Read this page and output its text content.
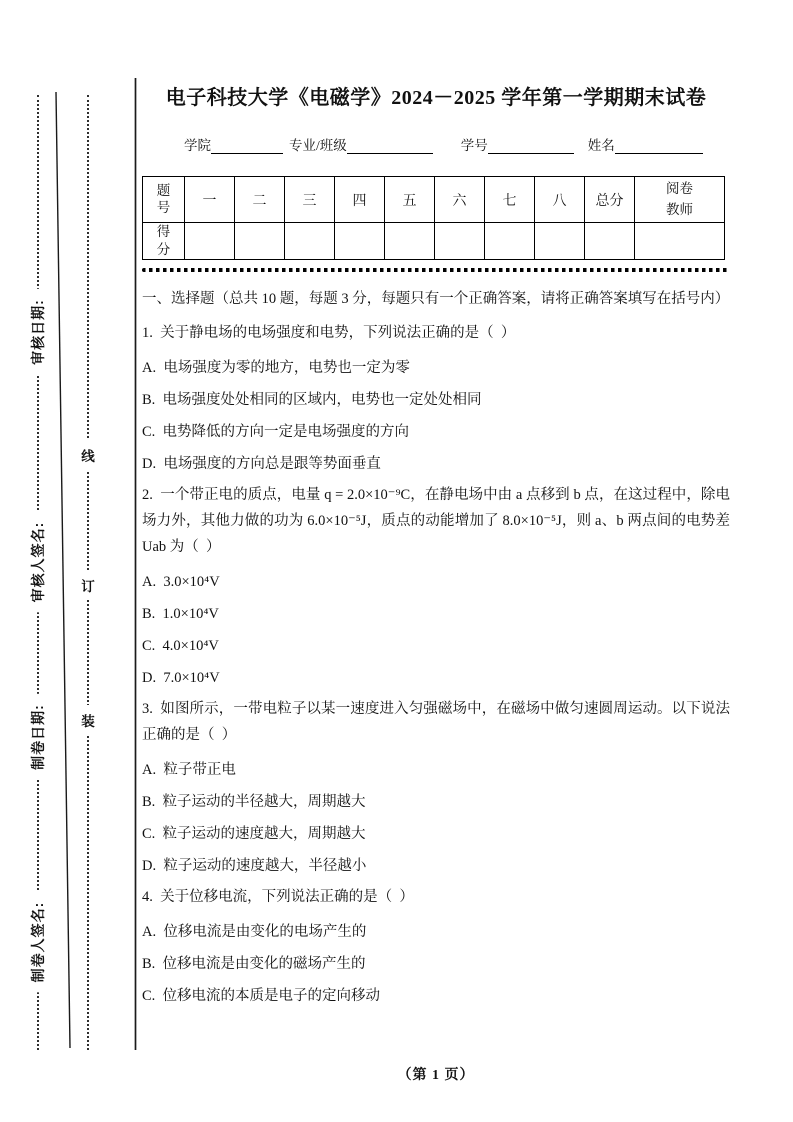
审核日期:
审核人签名:
制卷日期:
制卷人签名:
线
订
装
电子科技大学《电磁学》2024－2025 学年第一学期期末试卷
学院	专业/班级	学号	姓名
题号	一	二	三	四	五	六	七	八	总分	阅卷教师
得分										
一、选择题（总共 10 题，每题 3 分，每题只有一个正确答案，请将正确答案填写在括号内）
1.  关于静电场的电场强度和电势，下列说法正确的是（  ）
A.  电场强度为零的地方，电势也一定为零
B.  电场强度处处相同的区域内，电势也一定处处相同
C.  电势降低的方向一定是电场强度的方向
D.  电场强度的方向总是跟等势面垂直
2.  一个带正电的质点，电量 q = 2.0×10⁻⁹C，在静电场中由 a 点移到 b 点，在这过程中，除电场力外，其他力做的功为 6.0×10⁻⁵J，质点的动能增加了 8.0×10⁻⁵J，则 a、b 两点间的电势差 Uab 为（  ）
A.  3.0×10⁴V
B.  1.0×10⁴V
C.  4.0×10⁴V
D.  7.0×10⁴V
3.  如图所示，一带电粒子以某一速度进入匀强磁场中，在磁场中做匀速圆周运动。以下说法正确的是（  ）
A.  粒子带正电
B.  粒子运动的半径越大，周期越大
C.  粒子运动的速度越大，周期越大
D.  粒子运动的速度越大，半径越小
4.  关于位移电流，下列说法正确的是（  ）
A.  位移电流是由变化的电场产生的
B.  位移电流是由变化的磁场产生的
C.  位移电流的本质是电子的定向移动
（第 1 页）
